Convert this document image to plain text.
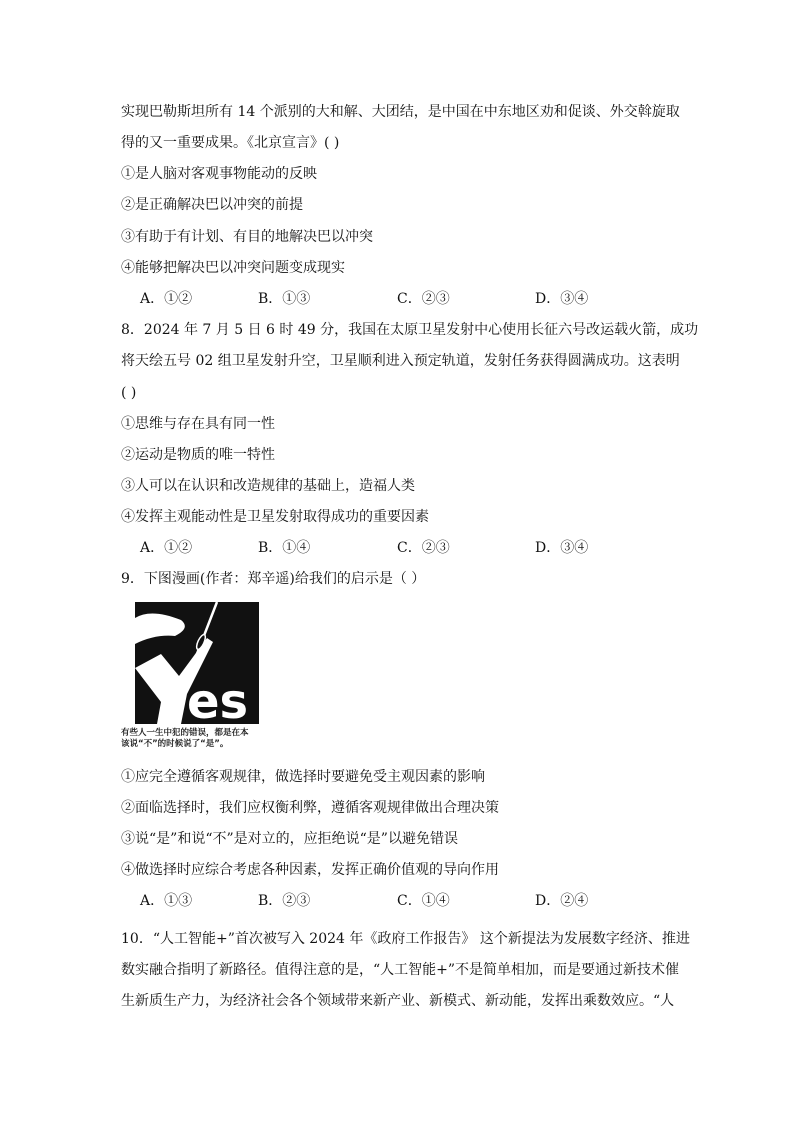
实现巴勒斯坦所有 14 个派别的大和解、大团结，是中国在中东地区劝和促谈、外交斡旋取
得的又一重要成果。《北京宣言》( )
①是人脑对客观事物能动的反映
②是正确解决巴以冲突的前提
③有助于有计划、有目的地解决巴以冲突
④能够把解决巴以冲突问题变成现实
A．①②	B．①③	C．②③	D．③④
8．2024 年 7 月 5 日 6 时 49 分，我国在太原卫星发射中心使用长征六号改运载火箭，成功
将天绘五号 02 组卫星发射升空，卫星顺利进入预定轨道，发射任务获得圆满成功。这表明
( )
①思维与存在具有同一性
②运动是物质的唯一特性
③人可以在认识和改造规律的基础上，造福人类
④发挥主观能动性是卫星发射取得成功的重要因素
A．①②	B．①④	C．②③	D．③④
9．下图漫画(作者：郑辛遥)给我们的启示是（ ）
es
有些人一生中犯的错误，都是在本
该说“不”的时候说了“是”。
①应完全遵循客观规律，做选择时要避免受主观因素的影响
②面临选择时，我们应权衡利弊，遵循客观规律做出合理决策
③说“是”和说“不”是对立的，应拒绝说“是”以避免错误
④做选择时应综合考虑各种因素，发挥正确价值观的导向作用
A．①③	B．②③	C．①④	D．②④
10．“人工智能+”首次被写入 2024 年《政府工作报告》 这个新提法为发展数字经济、推进
数实融合指明了新路径。值得注意的是，“人工智能+”不是简单相加，而是要通过新技术催
生新质生产力，为经济社会各个领域带来新产业、新模式、新动能，发挥出乘数效应。“人
